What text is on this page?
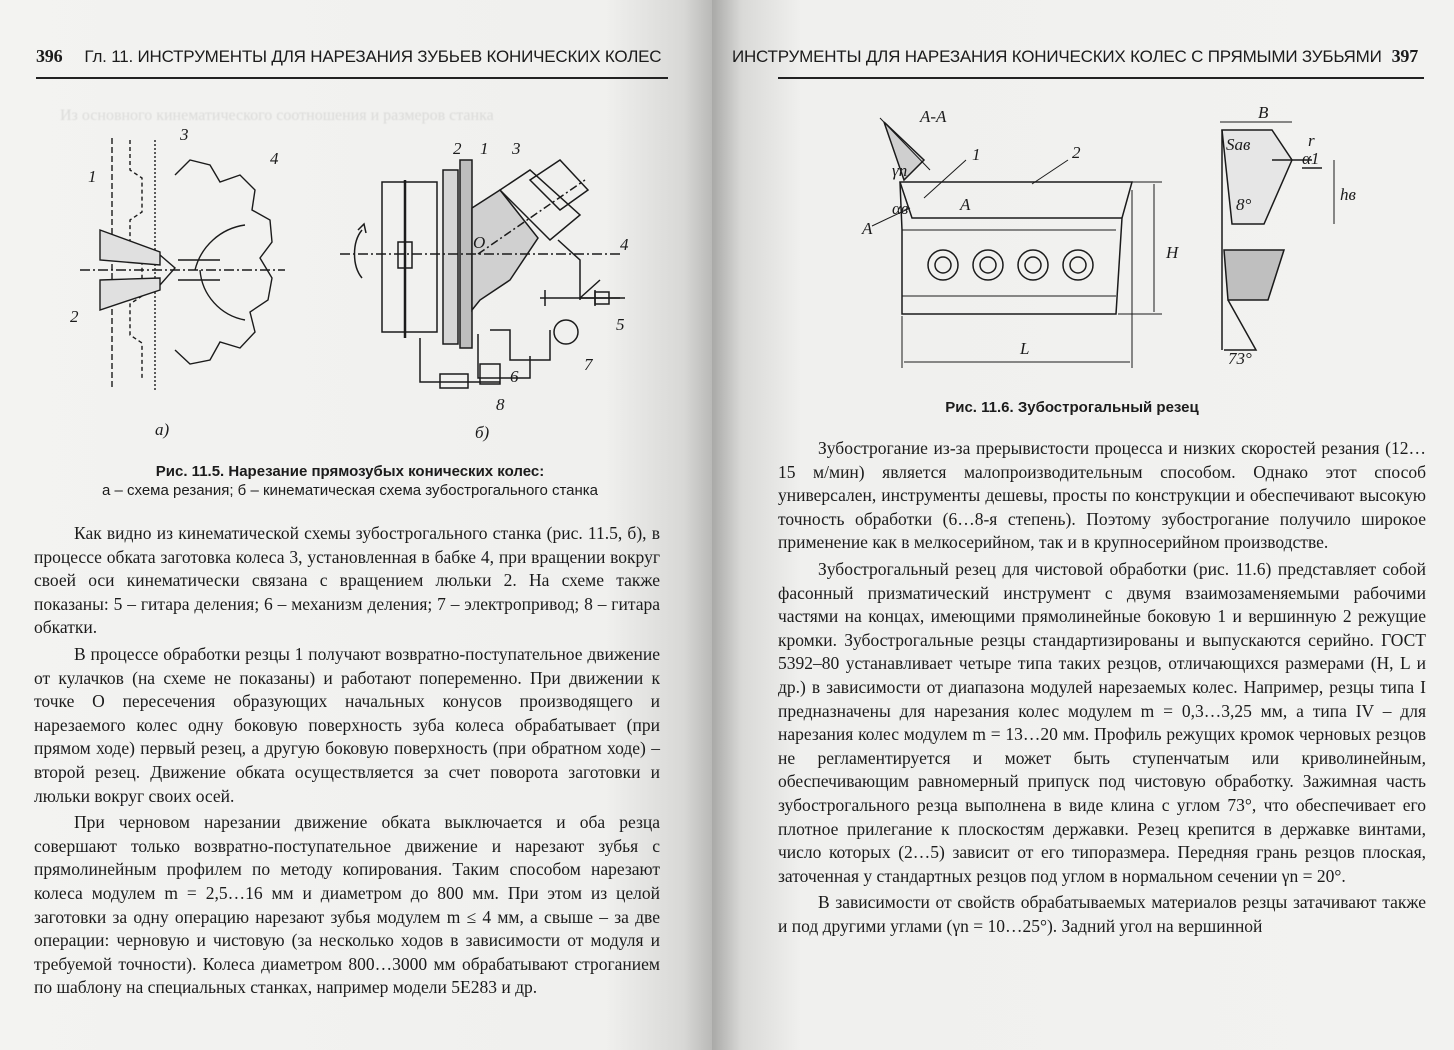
396 Гл. 11. ИНСТРУМЕНТЫ ДЛЯ НАРЕЗАНИЯ ЗУБЬЕВ КОНИЧЕСКИХ КОЛЕС
Из основного кинематического соотношения и размеров станка
1
3
4
2
а)
2 1 3
O	4
5
7
6
8
б)
Рис. 11.5. Нарезание прямозубых конических колес:
а – схема резания; б – кинематическая схема зубострогального станка

Как видно из кинематической схемы зубострогального станка (рис. 11.5, б), в процессе обката заготовка колеса 3, установленная в бабке 4, при вращении вокруг своей оси кинематически связана с вращением люльки 2. На схеме также показаны: 5 – гитара деления; 6 – механизм деления; 7 – электропривод; 8 – гитара обкатки.

В процессе обработки резцы 1 получают возвратно-поступательное движение от кулачков (на схеме не показаны) и работают попеременно. При движении к точке O пересечения образующих начальных конусов производящего и нарезаемого колес одну боковую поверхность зуба колеса обрабатывает (при прямом ходе) первый резец, а другую боковую поверхность (при обратном ходе) – второй резец. Движение обката осуществляется за счет поворота заготовки и люльки вокруг своих осей.

При черновом нарезании движение обката выключается и оба резца совершают только возвратно-поступательное движение и нарезают зубья с прямолинейным профилем по методу копирования. Таким способом нарезают колеса модулем m = 2,5…16 мм и диаметром до 800 мм. При этом из целой заготовки за одну операцию нарезают зубья модулем m ≤ 4 мм, а свыше – за две операции: черновую и чистовую (за несколько ходов в зависимости от модуля и требуемой точности). Колеса диаметром 800…3000 мм обрабатывают строганием по шаблону на специальных станках, например модели 5Е283 и др.

ИНСТРУМЕНТЫ ДЛЯ НАРЕЗАНИЯ КОНИЧЕСКИХ КОЛЕС С ПРЯМЫМИ ЗУБЬЯМИ 397
А-А
1	2
γn
αв	А
А
H
L
B
Saв	r
α1
8°
hв
73°
Рис. 11.6. Зубострогальный резец

Зубострогание из-за прерывистости процесса и низких скоростей резания (12…15 м/мин) является малопроизводительным способом. Однако этот способ универсален, инструменты дешевы, просты по конструкции и обеспечивают высокую точность обработки (6…8-я степень). Поэтому зубострогание получило широкое применение как в мелкосерийном, так и в крупносерийном производстве.

Зубострогальный резец для чистовой обработки (рис. 11.6) представляет собой фасонный призматический инструмент с двумя взаимозаменяемыми рабочими частями на концах, имеющими прямолинейные боковую 1 и вершинную 2 режущие кромки. Зубострогальные резцы стандартизированы и выпускаются серийно. ГОСТ 5392–80 устанавливает четыре типа таких резцов, отличающихся размерами (H, L и др.) в зависимости от диапазона модулей нарезаемых колес. Например, резцы типа I предназначены для нарезания колес модулем m = 0,3…3,25 мм, а типа IV – для нарезания колес модулем m = 13…20 мм. Профиль режущих кромок черновых резцов не регламентируется и может быть ступенчатым или криволинейным, обеспечивающим равномерный припуск под чистовую обработку. Зажимная часть зубострогального резца выполнена в виде клина с углом 73°, что обеспечивает его плотное прилегание к плоскостям державки. Резец крепится в державке винтами, число которых (2…5) зависит от его типоразмера. Передняя грань резцов плоская, заточенная у стандартных резцов под углом в нормальном сечении γn = 20°.

В зависимости от свойств обрабатываемых материалов резцы затачивают также и под другими углами (γn = 10…25°). Задний угол на вершинной
